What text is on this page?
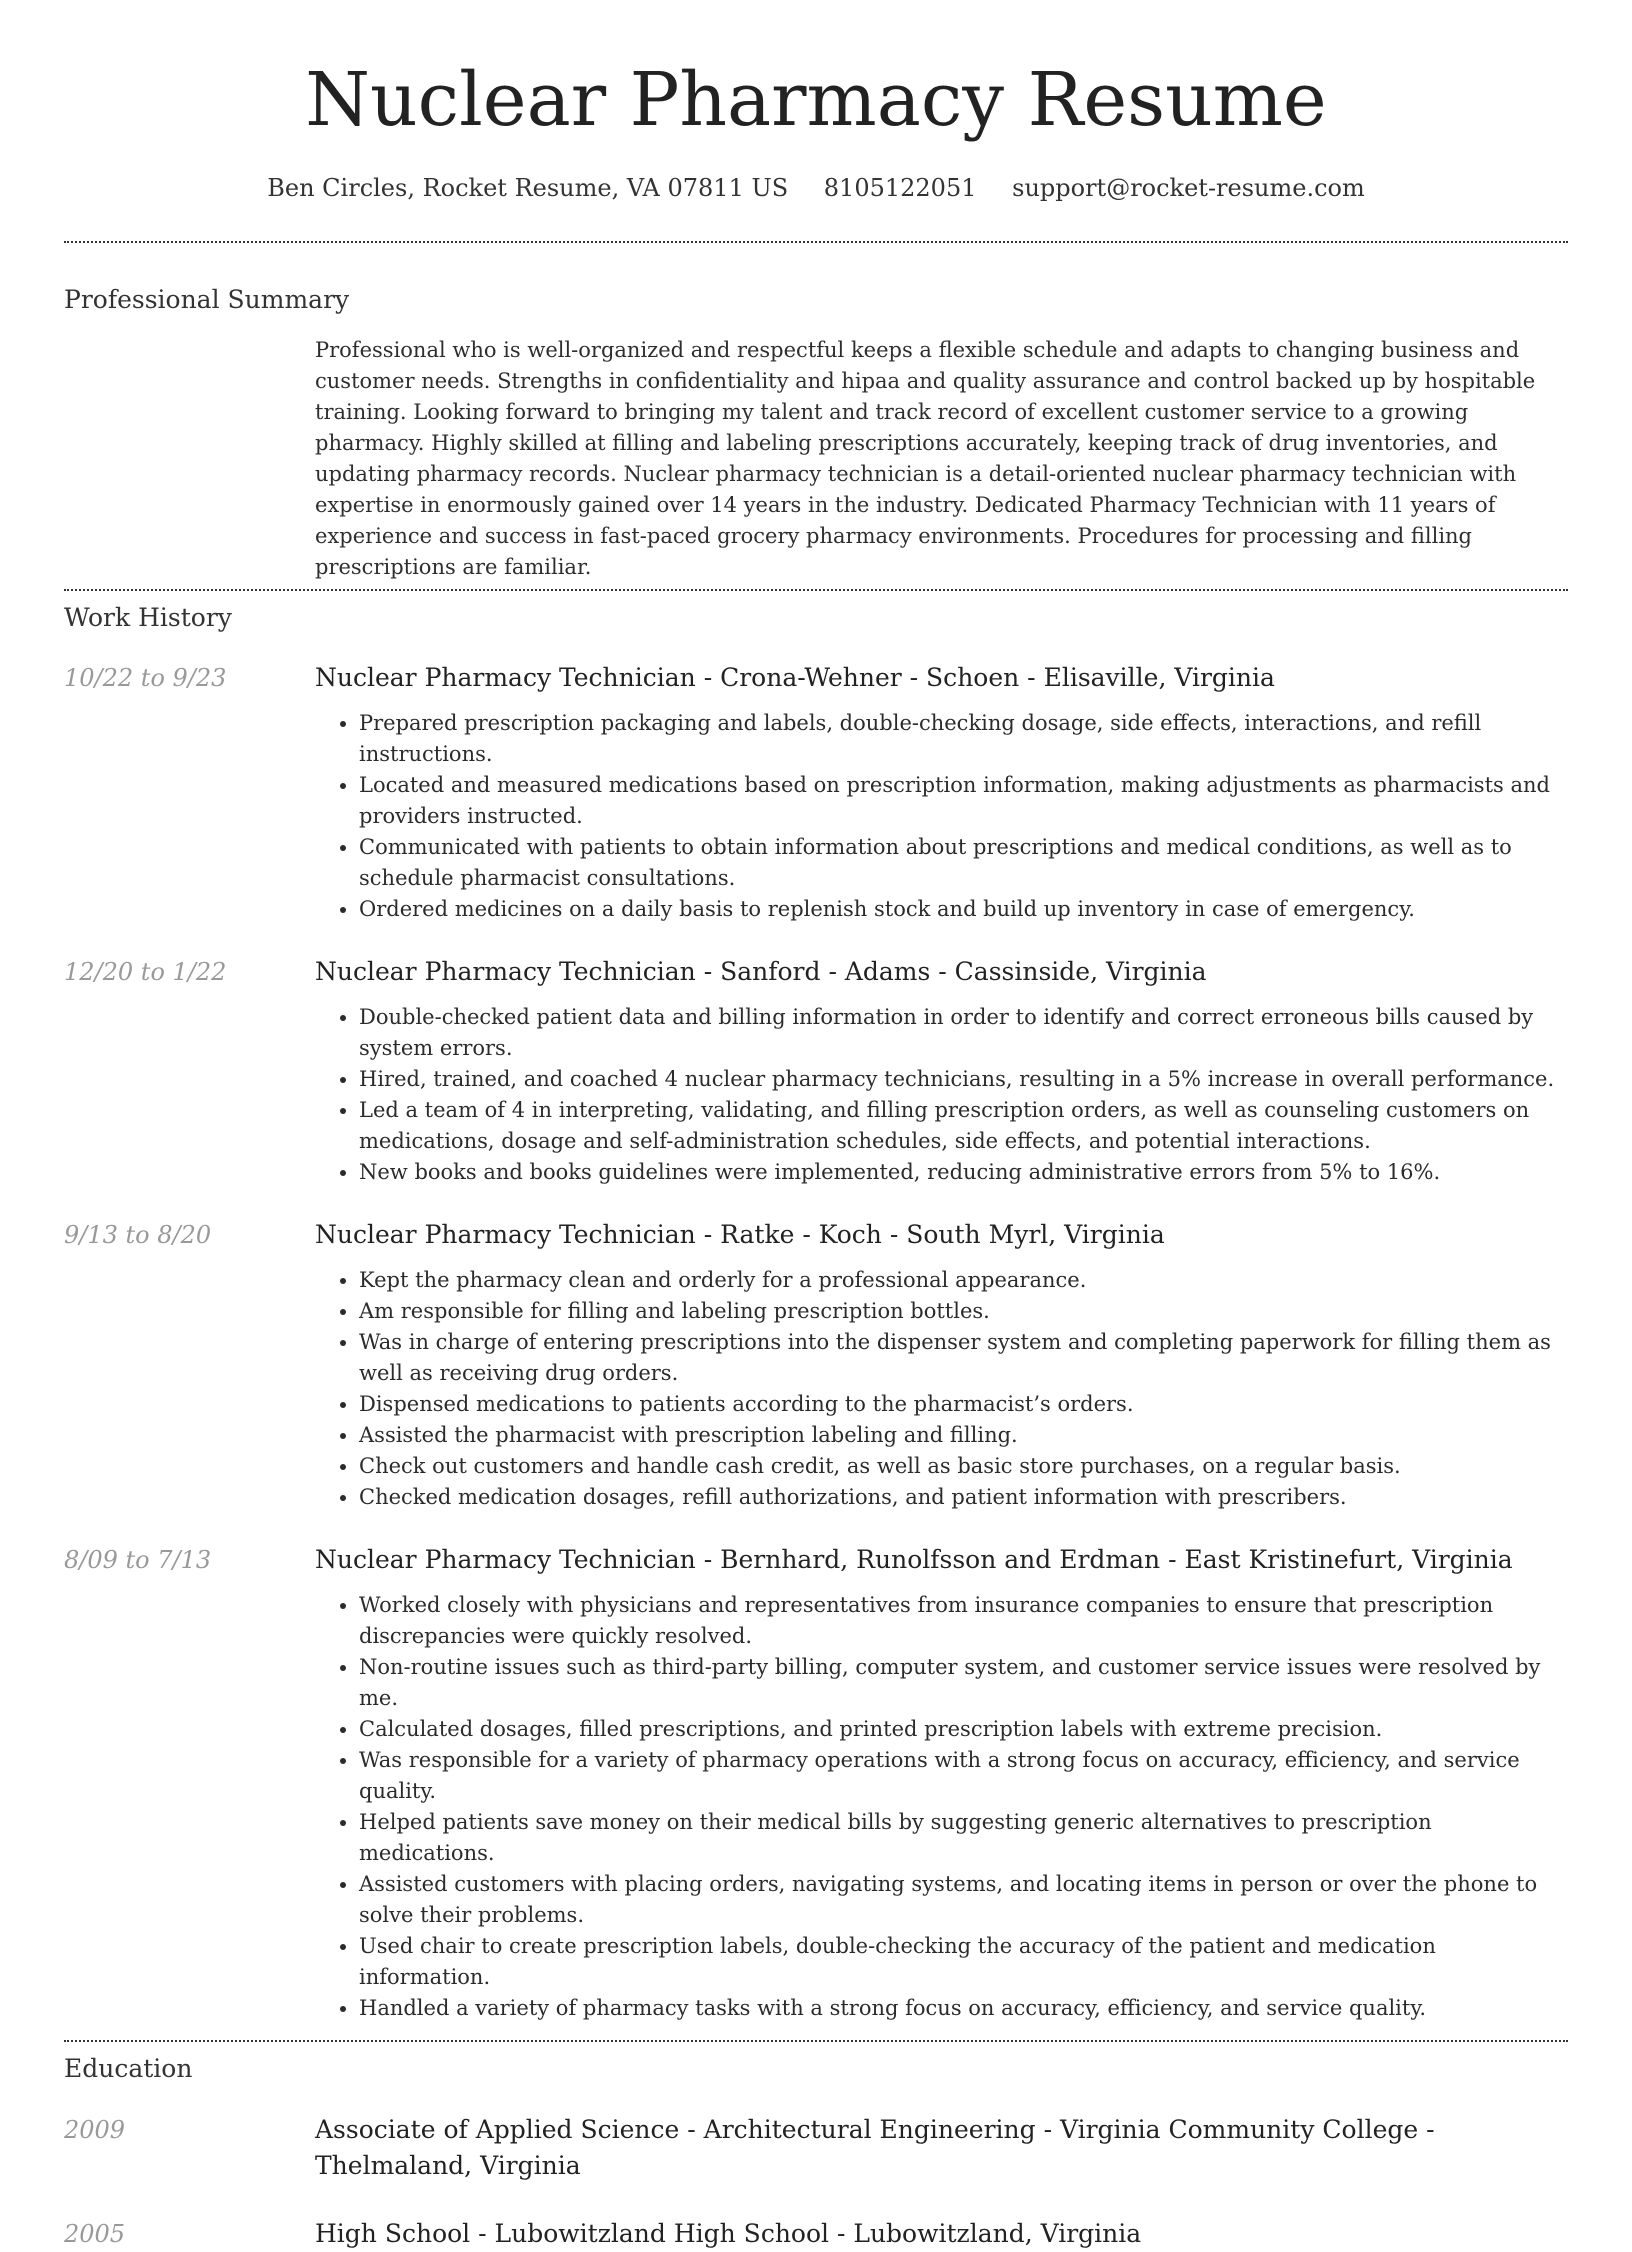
Nuclear Pharmacy Resume
Ben Circles, Rocket Resume, VA 07811 US 8105122051 support@rocket-resume.com
Professional Summary
Professional who is well-organized and respectful keeps a flexible schedule and adapts to changing business and customer needs. Strengths in confidentiality and hipaa and quality assurance and control backed up by hospitable training. Looking forward to bringing my talent and track record of excellent customer service to a growing pharmacy. Highly skilled at filling and labeling prescriptions accurately, keeping track of drug inventories, and updating pharmacy records. Nuclear pharmacy technician is a detail-oriented nuclear pharmacy technician with expertise in enormously gained over 14 years in the industry. Dedicated Pharmacy Technician with 11 years of experience and success in fast-paced grocery pharmacy environments. Procedures for processing and filling prescriptions are familiar.
Work History
10/22 to 9/23	Nuclear Pharmacy Technician - Crona-Wehner - Schoen - Elisaville, Virginia
• Prepared prescription packaging and labels, double-checking dosage, side effects, interactions, and refill instructions.
• Located and measured medications based on prescription information, making adjustments as pharmacists and providers instructed.
• Communicated with patients to obtain information about prescriptions and medical conditions, as well as to schedule pharmacist consultations.
• Ordered medicines on a daily basis to replenish stock and build up inventory in case of emergency.
12/20 to 1/22	Nuclear Pharmacy Technician - Sanford - Adams - Cassinside, Virginia
• Double-checked patient data and billing information in order to identify and correct erroneous bills caused by system errors.
• Hired, trained, and coached 4 nuclear pharmacy technicians, resulting in a 5% increase in overall performance.
• Led a team of 4 in interpreting, validating, and filling prescription orders, as well as counseling customers on medications, dosage and self-administration schedules, side effects, and potential interactions.
• New books and books guidelines were implemented, reducing administrative errors from 5% to 16%.
9/13 to 8/20	Nuclear Pharmacy Technician - Ratke - Koch - South Myrl, Virginia
• Kept the pharmacy clean and orderly for a professional appearance.
• Am responsible for filling and labeling prescription bottles.
• Was in charge of entering prescriptions into the dispenser system and completing paperwork for filling them as well as receiving drug orders.
• Dispensed medications to patients according to the pharmacist’s orders.
• Assisted the pharmacist with prescription labeling and filling.
• Check out customers and handle cash credit, as well as basic store purchases, on a regular basis.
• Checked medication dosages, refill authorizations, and patient information with prescribers.
8/09 to 7/13	Nuclear Pharmacy Technician - Bernhard, Runolfsson and Erdman - East Kristinefurt, Virginia
• Worked closely with physicians and representatives from insurance companies to ensure that prescription discrepancies were quickly resolved.
• Non-routine issues such as third-party billing, computer system, and customer service issues were resolved by me.
• Calculated dosages, filled prescriptions, and printed prescription labels with extreme precision.
• Was responsible for a variety of pharmacy operations with a strong focus on accuracy, efficiency, and service quality.
• Helped patients save money on their medical bills by suggesting generic alternatives to prescription medications.
• Assisted customers with placing orders, navigating systems, and locating items in person or over the phone to solve their problems.
• Used chair to create prescription labels, double-checking the accuracy of the patient and medication information.
• Handled a variety of pharmacy tasks with a strong focus on accuracy, efficiency, and service quality.
Education
2009	Associate of Applied Science - Architectural Engineering - Virginia Community College - Thelmaland, Virginia
2005	High School - Lubowitzland High School - Lubowitzland, Virginia
